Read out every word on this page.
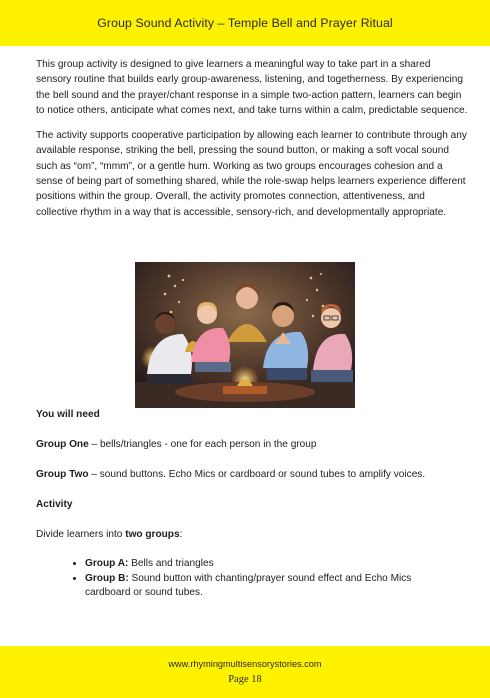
Group Sound Activity – Temple Bell and Prayer Ritual

This group activity is designed to give learners a meaningful way to take part in a shared sensory routine that builds early group-awareness, listening, and togetherness. By experiencing the bell sound and the prayer/chant response in a simple two-action pattern, learners can begin to notice others, anticipate what comes next, and take turns within a calm, predictable sequence.

The activity supports cooperative participation by allowing each learner to contribute through any available response, striking the bell, pressing the sound button, or making a soft vocal sound such as “om”, “mmm”, or a gentle hum. Working as two groups encourages cohesion and a sense of being part of something shared, while the role-swap helps learners experience different positions within the group. Overall, the activity promotes connection, attentiveness, and collective rhythm in a way that is accessible, sensory-rich, and developmentally appropriate.

You will need

Group One – bells/triangles - one for each person in the group

Group Two – sound buttons. Echo Mics or cardboard or sound tubes to amplify voices.

Activity

Divide learners into two groups:

• Group A: Bells and triangles
• Group B: Sound button with chanting/prayer sound effect and Echo Mics cardboard or sound tubes.
www.rhymingmultisensorystories.com
Page 18
